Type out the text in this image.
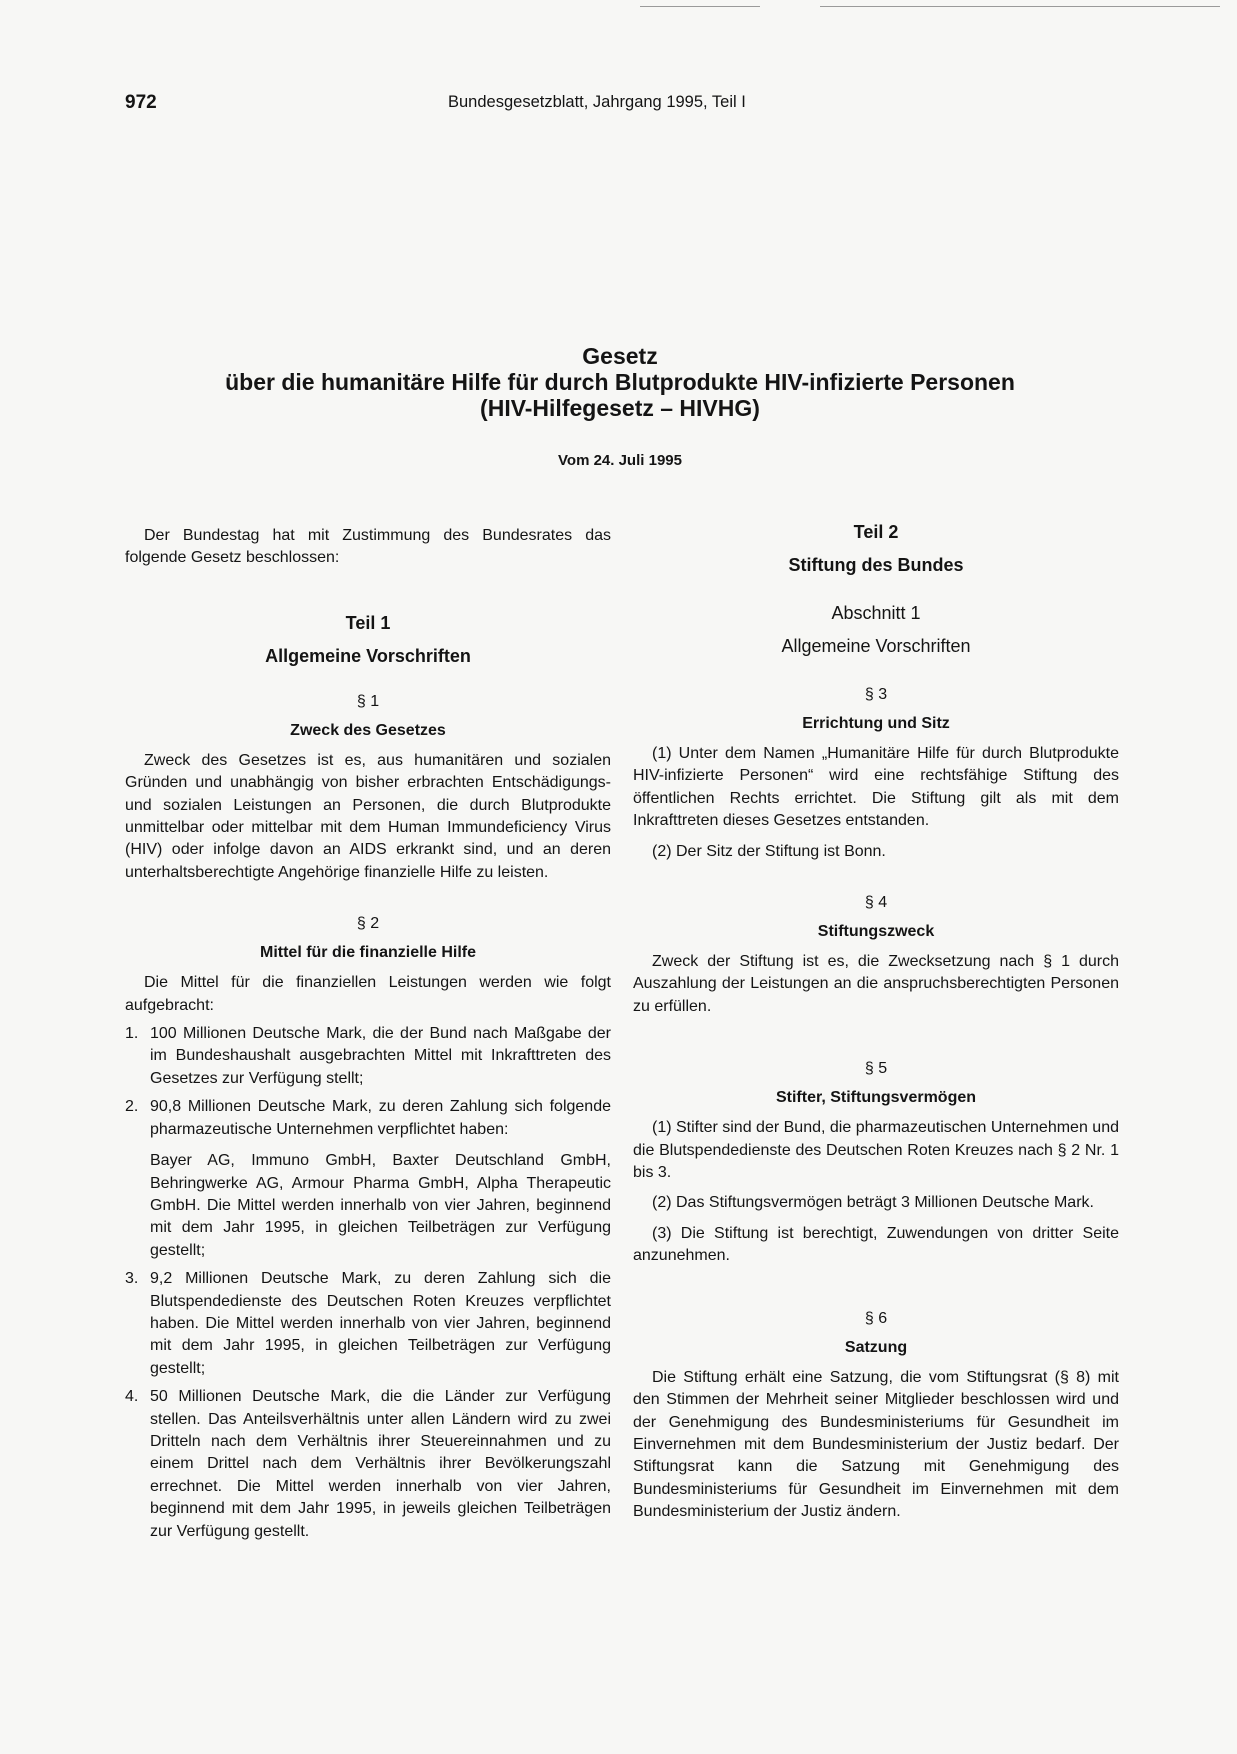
972	Bundesgesetzblatt, Jahrgang 1995, Teil I
Gesetz
über die humanitäre Hilfe für durch Blutprodukte HIV-infizierte Personen
(HIV-Hilfegesetz – HIVHG)
Vom 24. Juli 1995

Der Bundestag hat mit Zustimmung des Bundesrates das folgende Gesetz beschlossen:

Teil 1
Allgemeine Vorschriften
§ 1
Zweck des Gesetzes

Zweck des Gesetzes ist es, aus humanitären und sozialen Gründen und unabhängig von bisher erbrachten Entschädigungs- und sozialen Leistungen an Personen, die durch Blutprodukte unmittelbar oder mittelbar mit dem Human Immundeficiency Virus (HIV) oder infolge davon an AIDS erkrankt sind, und an deren unterhaltsberechtigte Angehörige finanzielle Hilfe zu leisten.

§ 2
Mittel für die finanzielle Hilfe

Die Mittel für die finanziellen Leistungen werden wie folgt aufgebracht:

1. 100 Millionen Deutsche Mark, die der Bund nach Maßgabe der im Bundeshaushalt ausgebrachten Mittel mit Inkrafttreten des Gesetzes zur Verfügung stellt;

2. 90,8 Millionen Deutsche Mark, zu deren Zahlung sich folgende pharmazeutische Unternehmen verpflichtet haben:

Bayer AG, Immuno GmbH, Baxter Deutschland GmbH, Behringwerke AG, Armour Pharma GmbH, Alpha Therapeutic GmbH. Die Mittel werden innerhalb von vier Jahren, beginnend mit dem Jahr 1995, in gleichen Teilbeträgen zur Verfügung gestellt;

3. 9,2 Millionen Deutsche Mark, zu deren Zahlung sich die Blutspendedienste des Deutschen Roten Kreuzes verpflichtet haben. Die Mittel werden innerhalb von vier Jahren, beginnend mit dem Jahr 1995, in gleichen Teilbeträgen zur Verfügung gestellt;

4. 50 Millionen Deutsche Mark, die die Länder zur Verfügung stellen. Das Anteilsverhältnis unter allen Ländern wird zu zwei Dritteln nach dem Verhältnis ihrer Steuereinnahmen und zu einem Drittel nach dem Verhältnis ihrer Bevölkerungszahl errechnet. Die Mittel werden innerhalb von vier Jahren, beginnend mit dem Jahr 1995, in jeweils gleichen Teilbeträgen zur Verfügung gestellt.

Teil 2
Stiftung des Bundes
Abschnitt 1
Allgemeine Vorschriften
§ 3
Errichtung und Sitz

(1) Unter dem Namen „Humanitäre Hilfe für durch Blutprodukte HIV-infizierte Personen“ wird eine rechtsfähige Stiftung des öffentlichen Rechts errichtet. Die Stiftung gilt als mit dem Inkrafttreten dieses Gesetzes entstanden.

(2) Der Sitz der Stiftung ist Bonn.

§ 4
Stiftungszweck

Zweck der Stiftung ist es, die Zwecksetzung nach § 1 durch Auszahlung der Leistungen an die anspruchsberechtigten Personen zu erfüllen.

§ 5
Stifter, Stiftungsvermögen

(1) Stifter sind der Bund, die pharmazeutischen Unternehmen und die Blutspendedienste des Deutschen Roten Kreuzes nach § 2 Nr. 1 bis 3.

(2) Das Stiftungsvermögen beträgt 3 Millionen Deutsche Mark.

(3) Die Stiftung ist berechtigt, Zuwendungen von dritter Seite anzunehmen.

§ 6
Satzung

Die Stiftung erhält eine Satzung, die vom Stiftungsrat (§ 8) mit den Stimmen der Mehrheit seiner Mitglieder beschlossen wird und der Genehmigung des Bundesministeriums für Gesundheit im Einvernehmen mit dem Bundesministerium der Justiz bedarf. Der Stiftungsrat kann die Satzung mit Genehmigung des Bundesministeriums für Gesundheit im Einvernehmen mit dem Bundesministerium der Justiz ändern.
